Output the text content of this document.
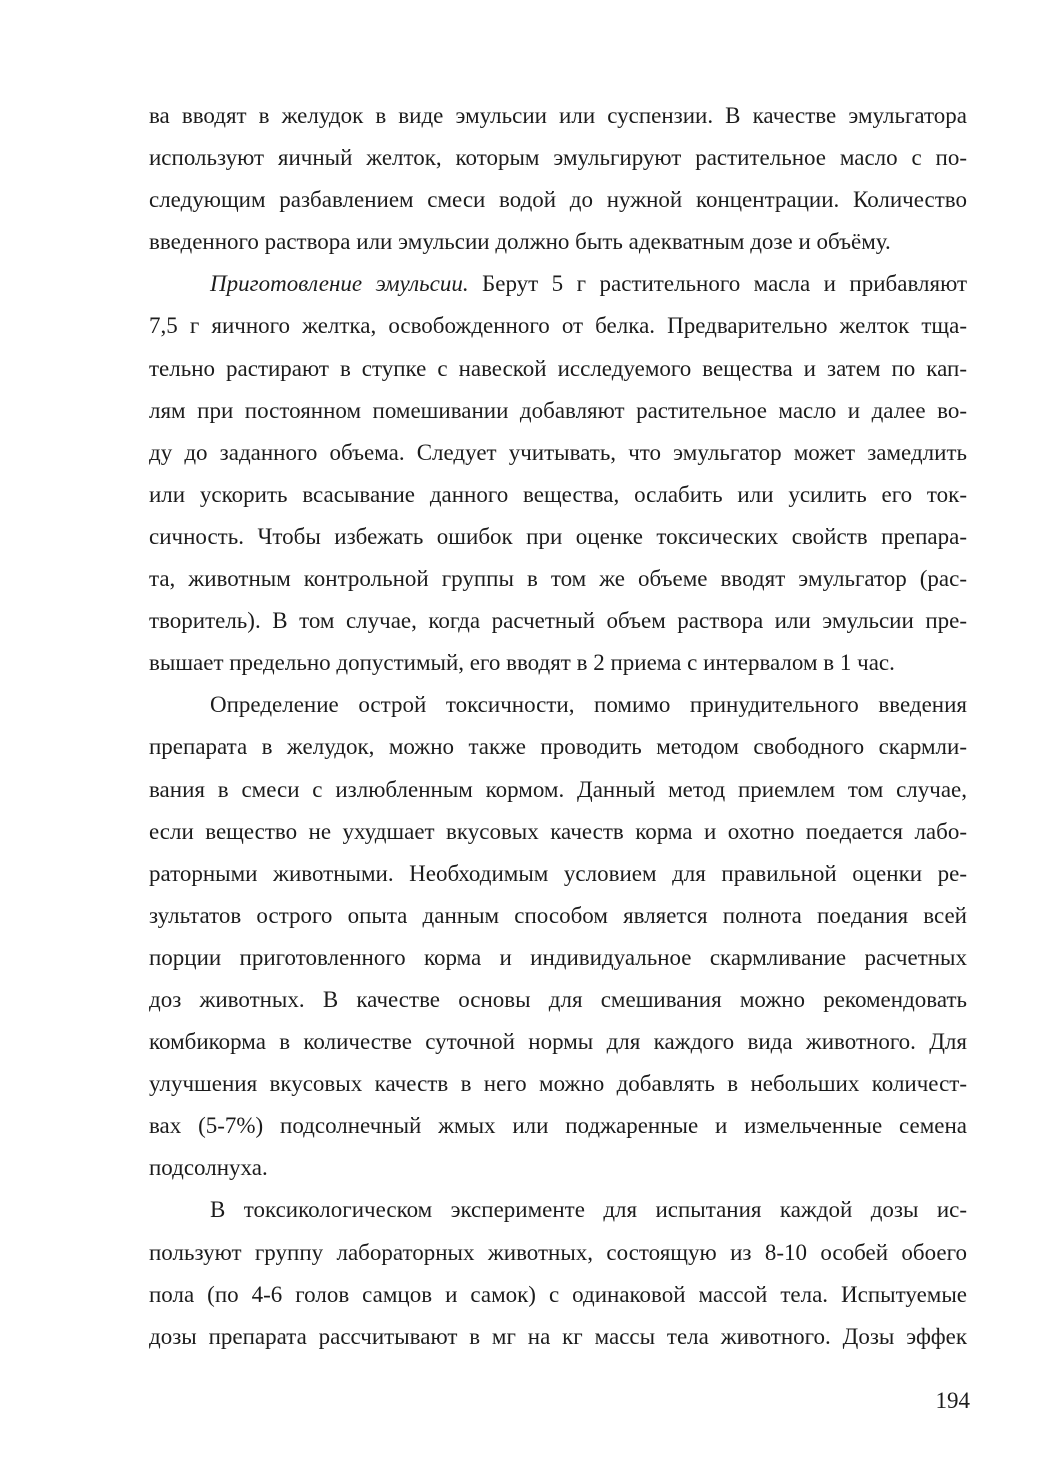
ва вводят в желудок в виде эмульсии или суспензии. В качестве эмульгатора
используют яичный желток, которым эмульгируют растительное масло с по-
следующим разбавлением смеси водой до нужной концентрации. Количество
введенного раствора или эмульсии должно быть адекватным дозе и объёму.
Приготовление эмульсии. Берут 5 г растительного масла и прибавляют
7,5 г яичного желтка, освобожденного от белка. Предварительно желток тща-
тельно растирают в ступке с навеской исследуемого вещества и затем по кап-
лям при постоянном помешивании добавляют растительное масло и далее во-
ду до заданного объема. Следует учитывать, что эмульгатор может замедлить
или ускорить всасывание данного вещества, ослабить или усилить его ток-
сичность. Чтобы избежать ошибок при оценке токсических свойств препара-
та, животным контрольной группы в том же объеме вводят эмульгатор (рас-
творитель). В том случае, когда расчетный объем раствора или эмульсии пре-
вышает предельно допустимый, его вводят в 2 приема с интервалом в 1 час.
Определение острой токсичности, помимо принудительного введения
препарата в желудок, можно также проводить методом свободного скармли-
вания в смеси с излюбленным кормом. Данный метод приемлем том случае,
если вещество не ухудшает вкусовых качеств корма и охотно поедается лабо-
раторными животными. Необходимым условием для правильной оценки ре-
зультатов острого опыта данным способом является полнота поедания всей
порции приготовленного корма и индивидуальное скармливание расчетных
доз животных. В качестве основы для смешивания можно рекомендовать
комбикорма в количестве суточной нормы для каждого вида животного. Для
улучшения вкусовых качеств в него можно добавлять в небольших количест-
вах (5-7%) подсолнечный жмых или поджаренные и измельченные семена
подсолнуха.
В токсикологическом эксперименте для испытания каждой дозы ис-
пользуют группу лабораторных животных, состоящую из 8-10 особей обоего
пола (по 4-6 голов самцов и самок) с одинаковой массой тела. Испытуемые
дозы препарата рассчитывают в мг на кг массы тела животного. Дозы эффек
194
